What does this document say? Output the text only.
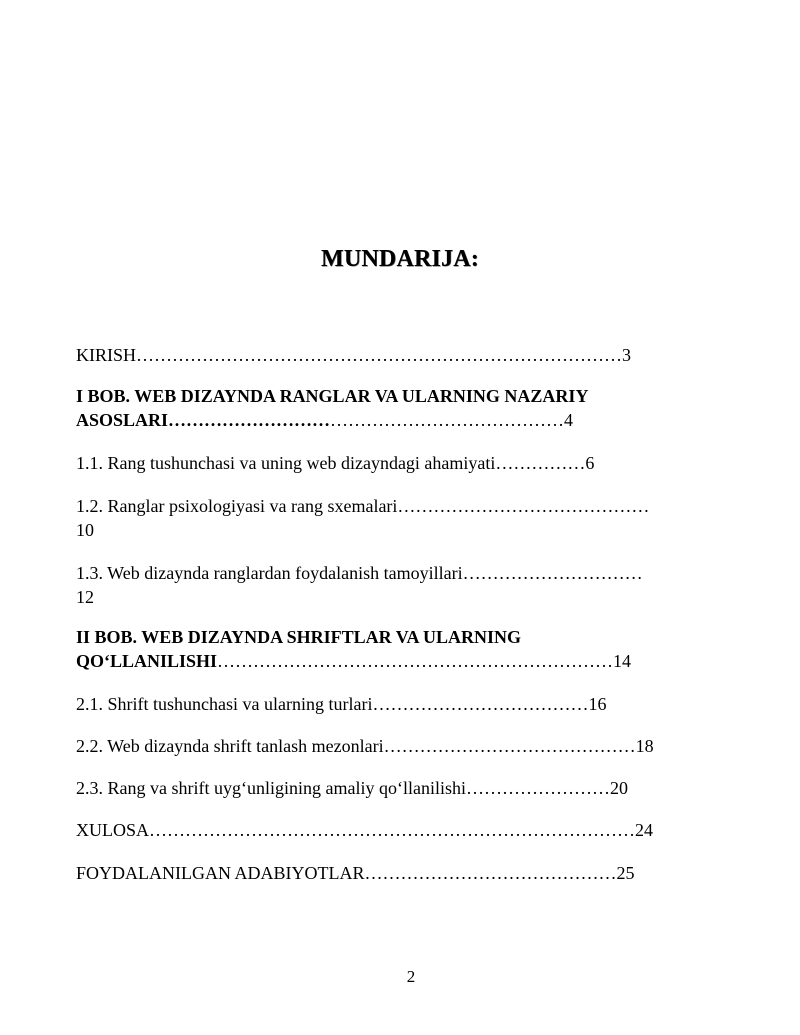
MUNDARIJA:
KIRISH………………………………………………………………………3
I BOB. WEB DIZAYNDA RANGLAR VA ULARNING NAZARIY
ASOSLARI…………………………………………………………4
1.1. Rang tushunchasi va uning web dizayndagi ahamiyati……………6
1.2. Ranglar psixologiyasi va rang sxemalari……………………………………
10
1.3. Web dizaynda ranglardan foydalanish tamoyillari…………………………
12
II BOB. WEB DIZAYNDA SHRIFTLAR VA ULARNING
QO‘LLANILISHI…………………………………………………………14
2.1. Shrift tushunchasi va ularning turlari………………………………16
2.2. Web dizaynda shrift tanlash mezonlari……………………………………18
2.3. Rang va shrift uyg‘unligining amaliy qo‘llanilishi……………………20
XULOSA………………………………………………………………………24
FOYDALANILGAN ADABIYOTLAR……………………………………25
2
